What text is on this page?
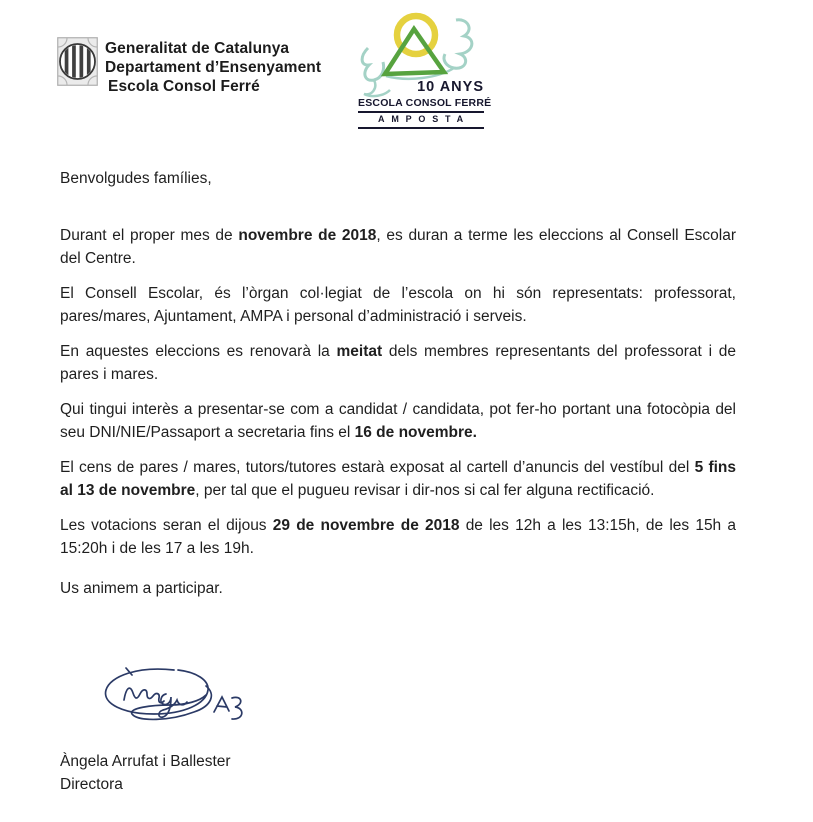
Generalitat de Catalunya
Departament d’Ensenyament
Escola Consol Ferré	10 ANYS
ESCOLA CONSOL FERRÉ
AMPOSTA

Benvolgudes famílies,

Durant el proper mes de novembre de 2018, es duran a terme les eleccions al Consell Escolar del Centre.

El Consell Escolar, és l’òrgan col·legiat de l’escola on hi són representats: professorat, pares/mares, Ajuntament, AMPA i personal d’administració i serveis.

En aquestes eleccions es renovarà la meitat dels membres representants del professorat i de pares i mares.

Qui tingui interès a presentar-se com a candidat / candidata, pot fer-ho portant una fotocòpia del seu DNI/NIE/Passaport a secretaria fins el 16 de novembre.

El cens de pares / mares, tutors/tutores estarà exposat al cartell d’anuncis del vestíbul del 5 fins al 13 de novembre, per tal que el pugueu revisar i dir-nos si cal fer alguna rectificació.

Les votacions seran el dijous 29 de novembre de 2018 de les 12h a les 13:15h, de les 15h a 15:20h i de les 17 a les 19h.

Us animem a participar.

Àngela Arrufat i Ballester
Directora
